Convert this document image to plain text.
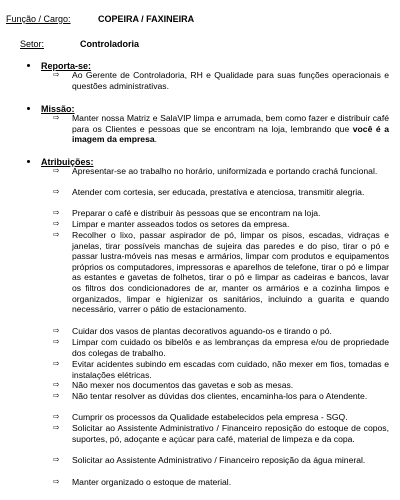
Função / Cargo:	COPEIRA / FAXINEIRA
Setor:	Controladoria
Reporta-se:
⇨ Ao Gerente de Controladoria, RH e Qualidade para suas funções operacionais e questões administrativas.
Missão:
⇨ Manter nossa Matriz e SalaVIP limpa e arrumada, bem como fazer e distribuir café para os Clientes e pessoas que se encontram na loja, lembrando que você é a imagem da empresa.
Atribuições:
⇨ Apresentar-se ao trabalho no horário, uniformizada e portando crachá funcional.
⇨ Atender com cortesia, ser educada, prestativa e atenciosa, transmitir alegria.
⇨ Preparar o café e distribuir às pessoas que se encontram na loja.
⇨ Limpar e manter asseados todos os setores da empresa.
⇨ Recolher o lixo, passar aspirador de pó, limpar os pisos, escadas, vidraças e janelas, tirar possíveis manchas de sujeira das paredes e do piso, tirar o pó e passar lustra-móveis nas mesas e armários, limpar com produtos e equipamentos próprios os computadores, impressoras e aparelhos de telefone, tirar o pó e limpar as estantes e gavetas de folhetos, tirar o pó e limpar as cadeiras e bancos, lavar os filtros dos condicionadores de ar, manter os armários e a cozinha limpos e organizados, limpar e higienizar os sanitários, incluindo a guarita e quando necessário, varrer o pátio de estacionamento.
⇨ Cuidar dos vasos de plantas decorativos aguando-os e tirando o pó.
⇨ Limpar com cuidado os bibelôs e as lembranças da empresa e/ou de propriedade dos colegas de trabalho.
⇨ Evitar acidentes subindo em escadas com cuidado, não mexer em fios, tomadas e instalações elétricas.
⇨ Não mexer nos documentos das gavetas e sob as mesas.
⇨ Não tentar resolver as dúvidas dos clientes, encaminha-los para o Atendente.
⇨ Cumprir os processos da Qualidade estabelecidos pela empresa - SGQ.
⇨ Solicitar ao Assistente Administrativo / Financeiro reposição do estoque de copos, suportes, pó, adoçante e açúcar para café, material de limpeza e da copa.
⇨ Solicitar ao Assistente Administrativo / Financeiro reposição da água mineral.
⇨ Manter organizado o estoque de material.
